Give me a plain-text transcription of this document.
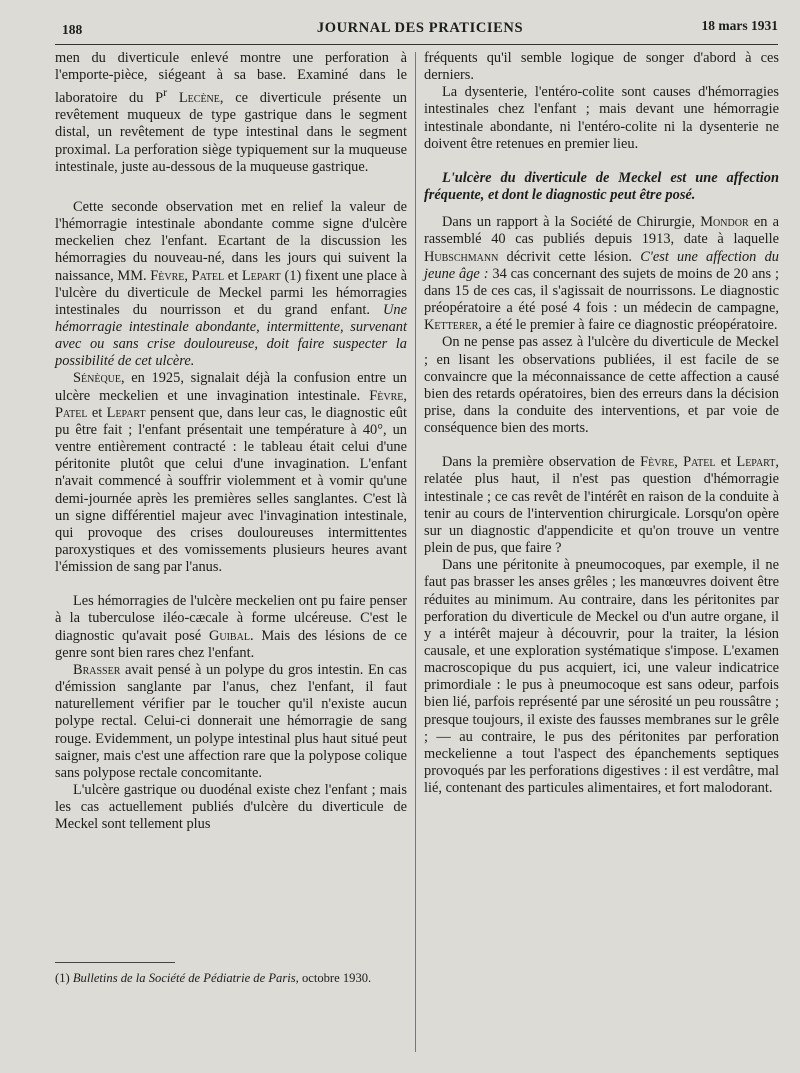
188	JOURNAL DES PRATICIENS	18 mars 1931

men du diverticule enlevé montre une perforation à l'emporte-pièce, siégeant à sa base. Examiné dans le laboratoire du $P^r$ Lecène, ce diverticule présente un revêtement muqueux de type gastrique dans le segment distal, un revêtement de type intestinal dans le segment proximal. La perforation siège typiquement sur la muqueuse intestinale, juste au-dessous de la muqueuse gastrique.

Cette seconde observation met en relief la valeur de l'hémorragie intestinale abondante comme signe d'ulcère meckelien chez l'enfant. Ecartant de la discussion les hémorragies du nouveau-né, dans les jours qui suivent la naissance, MM. Fèvre, Patel et Lepart (1) fixent une place à l'ulcère du diverticule de Meckel parmi les hémorragies intestinales du nourrisson et du grand enfant. Une hémorragie intestinale abondante, intermittente, survenant avec ou sans crise douloureuse, doit faire suspecter la possibilité de cet ulcère.

Sénèque, en 1925, signalait déjà la confusion entre un ulcère meckelien et une invagination intestinale. Fèvre, Patel et Lepart pensent que, dans leur cas, le diagnostic eût pu être fait ; l'enfant présentait une température à 40°, un ventre entièrement contracté : le tableau était celui d'une péritonite plutôt que celui d'une invagination. L'enfant n'avait commencé à souffrir violemment et à vomir qu'une demi-journée après les premières selles sanglantes. C'est là un signe différentiel majeur avec l'invagination intestinale, qui provoque des crises douloureuses intermittentes paroxystiques et des vomissements plusieurs heures avant l'émission de sang par l'anus.

Les hémorragies de l'ulcère meckelien ont pu faire penser à la tuberculose iléo-cæcale à forme ulcéreuse. C'est le diagnostic qu'avait posé Guibal. Mais des lésions de ce genre sont bien rares chez l'enfant.

Brasser avait pensé à un polype du gros intestin. En cas d'émission sanglante par l'anus, chez l'enfant, il faut naturellement vérifier par le toucher qu'il n'existe aucun polype rectal. Celui-ci donnerait une hémorragie de sang rouge. Evidemment, un polype intestinal plus haut situé peut saigner, mais c'est une affection rare que la polypose colique sans polypose rectale concomitante.

L'ulcère gastrique ou duodénal existe chez l'enfant ; mais les cas actuellement publiés d'ulcère du diverticule de Meckel sont tellement plus

(1) Bulletins de la Société de Pédiatrie de Paris, octobre 1930.

fréquents qu'il semble logique de songer d'abord à ces derniers.

La dysenterie, l'entéro-colite sont causes d'hémorragies intestinales chez l'enfant ; mais devant une hémorragie intestinale abondante, ni l'entéro-colite ni la dysenterie ne doivent être retenues en premier lieu.

L'ulcère du diverticule de Meckel est une affection fréquente, et dont le diagnostic peut être posé.

Dans un rapport à la Société de Chirurgie, Mondor en a rassemblé 40 cas publiés depuis 1913, date à laquelle Hubschmann décrivit cette lésion. C'est une affection du jeune âge : 34 cas concernant des sujets de moins de 20 ans ; dans 15 de ces cas, il s'agissait de nourrissons. Le diagnostic préopératoire a été posé 4 fois : un médecin de campagne, Ketterer, a été le premier à faire ce diagnostic préopératoire.

On ne pense pas assez à l'ulcère du diverticule de Meckel ; en lisant les observations publiées, il est facile de se convaincre que la méconnaissance de cette affection a causé bien des retards opératoires, bien des erreurs dans la décision prise, dans la conduite des interventions, et par voie de conséquence bien des morts.

Dans la première observation de Fèvre, Patel et Lepart, relatée plus haut, il n'est pas question d'hémorragie intestinale ; ce cas revêt de l'intérêt en raison de la conduite à tenir au cours de l'intervention chirurgicale. Lorsqu'on opère sur un diagnostic d'appendicite et qu'on trouve un ventre plein de pus, que faire ?

Dans une péritonite à pneumocoques, par exemple, il ne faut pas brasser les anses grêles ; les manœuvres doivent être réduites au minimum. Au contraire, dans les péritonites par perforation du diverticule de Meckel ou d'un autre organe, il y a intérêt majeur à découvrir, pour la traiter, la lésion causale, et une exploration systématique s'impose. L'examen macroscopique du pus acquiert, ici, une valeur indicatrice primordiale : le pus à pneumocoque est sans odeur, parfois bien lié, parfois représenté par une sérosité un peu roussâtre ; presque toujours, il existe des fausses membranes sur le grêle ; — au contraire, le pus des péritonites par perforation meckelienne a tout l'aspect des épanchements septiques provoqués par les perforations digestives : il est verdâtre, mal lié, contenant des particules alimentaires, et fort malodorant.
